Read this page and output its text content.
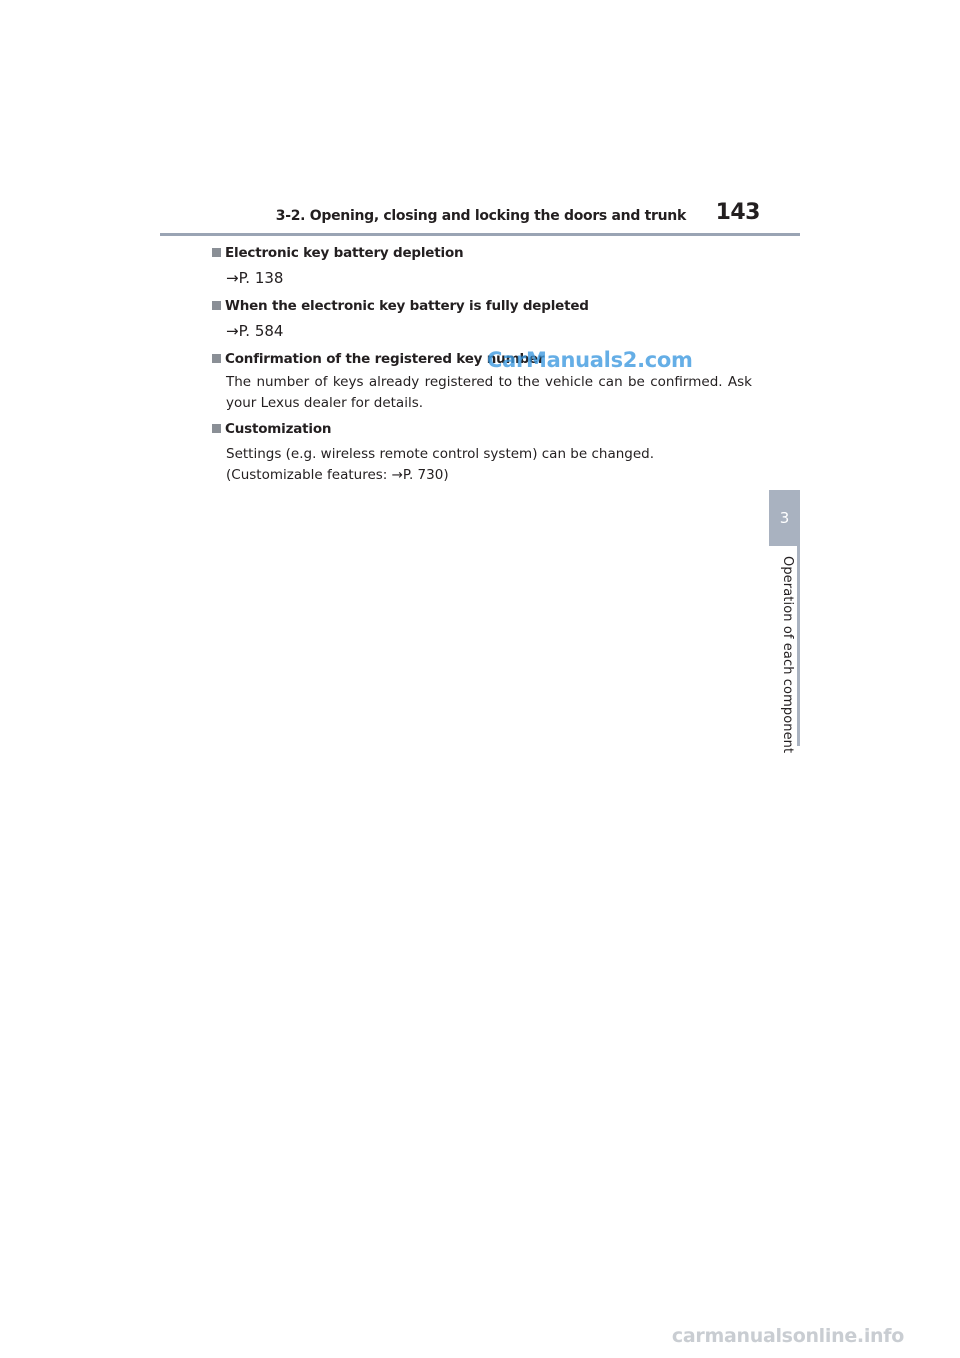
3-2. Opening, closing and locking the doors and trunk 143
3
Operation of each component
Electronic key battery depletion
→P. 138
When the electronic key battery is fully depleted
→P. 584
Confirmation of the registered key number
The number of keys already registered to the vehicle can be confirmed. Ask your Lexus dealer for details.
Customization
Settings (e.g. wireless remote control system) can be changed.
(Customizable features: →P. 730)
CarManuals2.com
carmanualsonline.info
